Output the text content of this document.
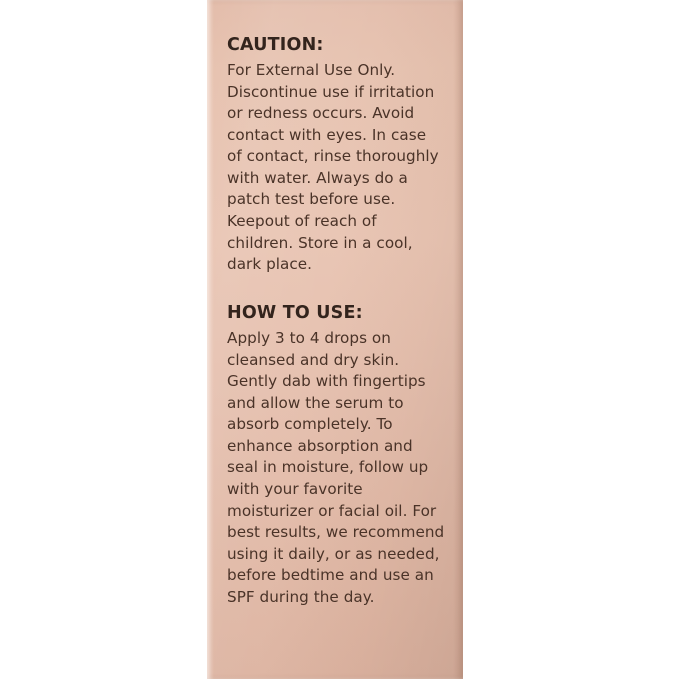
CAUTION:

For External Use Only. Discontinue use if irritation or redness occurs. Avoid contact with eyes. In case of contact, rinse thoroughly with water. Always do a patch test before use. Keepout of reach of children. Store in a cool, dark place.

HOW TO USE:

Apply 3 to 4 drops on cleansed and dry skin. Gently dab with fingertips and allow the serum to absorb completely. To enhance absorption and seal in moisture, follow up with your favorite moisturizer or facial oil. For best results, we recommend using it daily, or as needed, before bedtime and use an SPF during the day.
